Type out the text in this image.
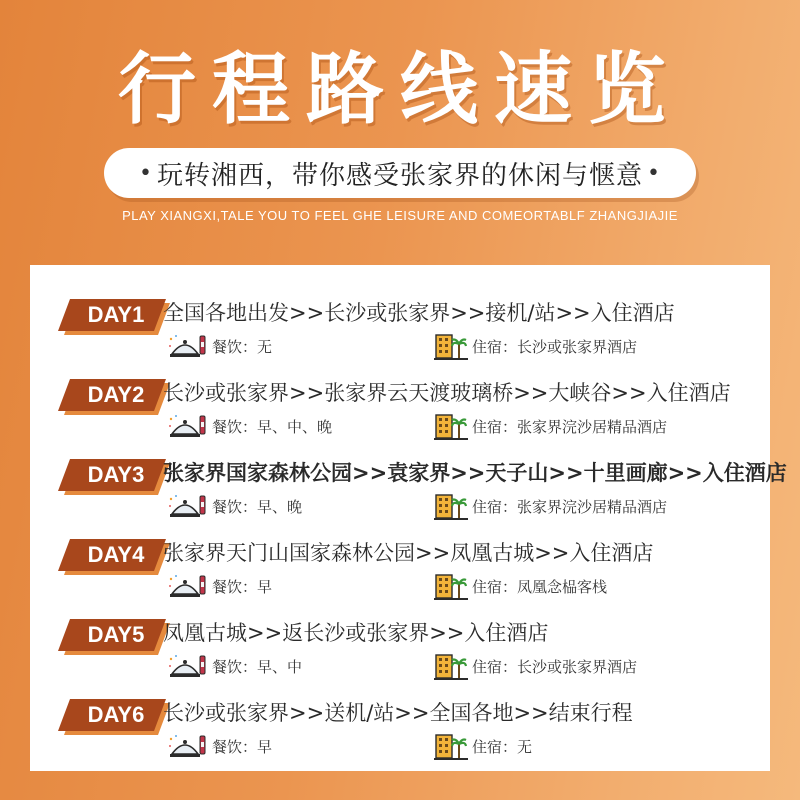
行程路线速览
• 玩转湘西，带你感受张家界的休闲与惬意 •
PLAY XIANGXI,TALE YOU TO FEEL GHE LEISURE AND COMEORTABLF ZHANGJIAJIE
DAY1 全国各地出发>>长沙或张家界>>接机/站>>入住酒店
餐饮：无	住宿：长沙或张家界酒店
DAY2 长沙或张家界>>张家界云天渡玻璃桥>>大峡谷>>入住酒店
餐饮：早、中、晚	住宿：张家界浣沙居精品酒店
DAY3 张家界国家森林公园>>袁家界>>天子山>>十里画廊>>入住酒店
餐饮：早、晚	住宿：张家界浣沙居精品酒店
DAY4 张家界天门山国家森林公园>>凤凰古城>>入住酒店
餐饮：早	住宿：凤凰念榀客栈
DAY5 凤凰古城>>返长沙或张家界>>入住酒店
餐饮：早、中	住宿：长沙或张家界酒店
DAY6 长沙或张家界>>送机/站>>全国各地>>结束行程
餐饮：早	住宿：无
